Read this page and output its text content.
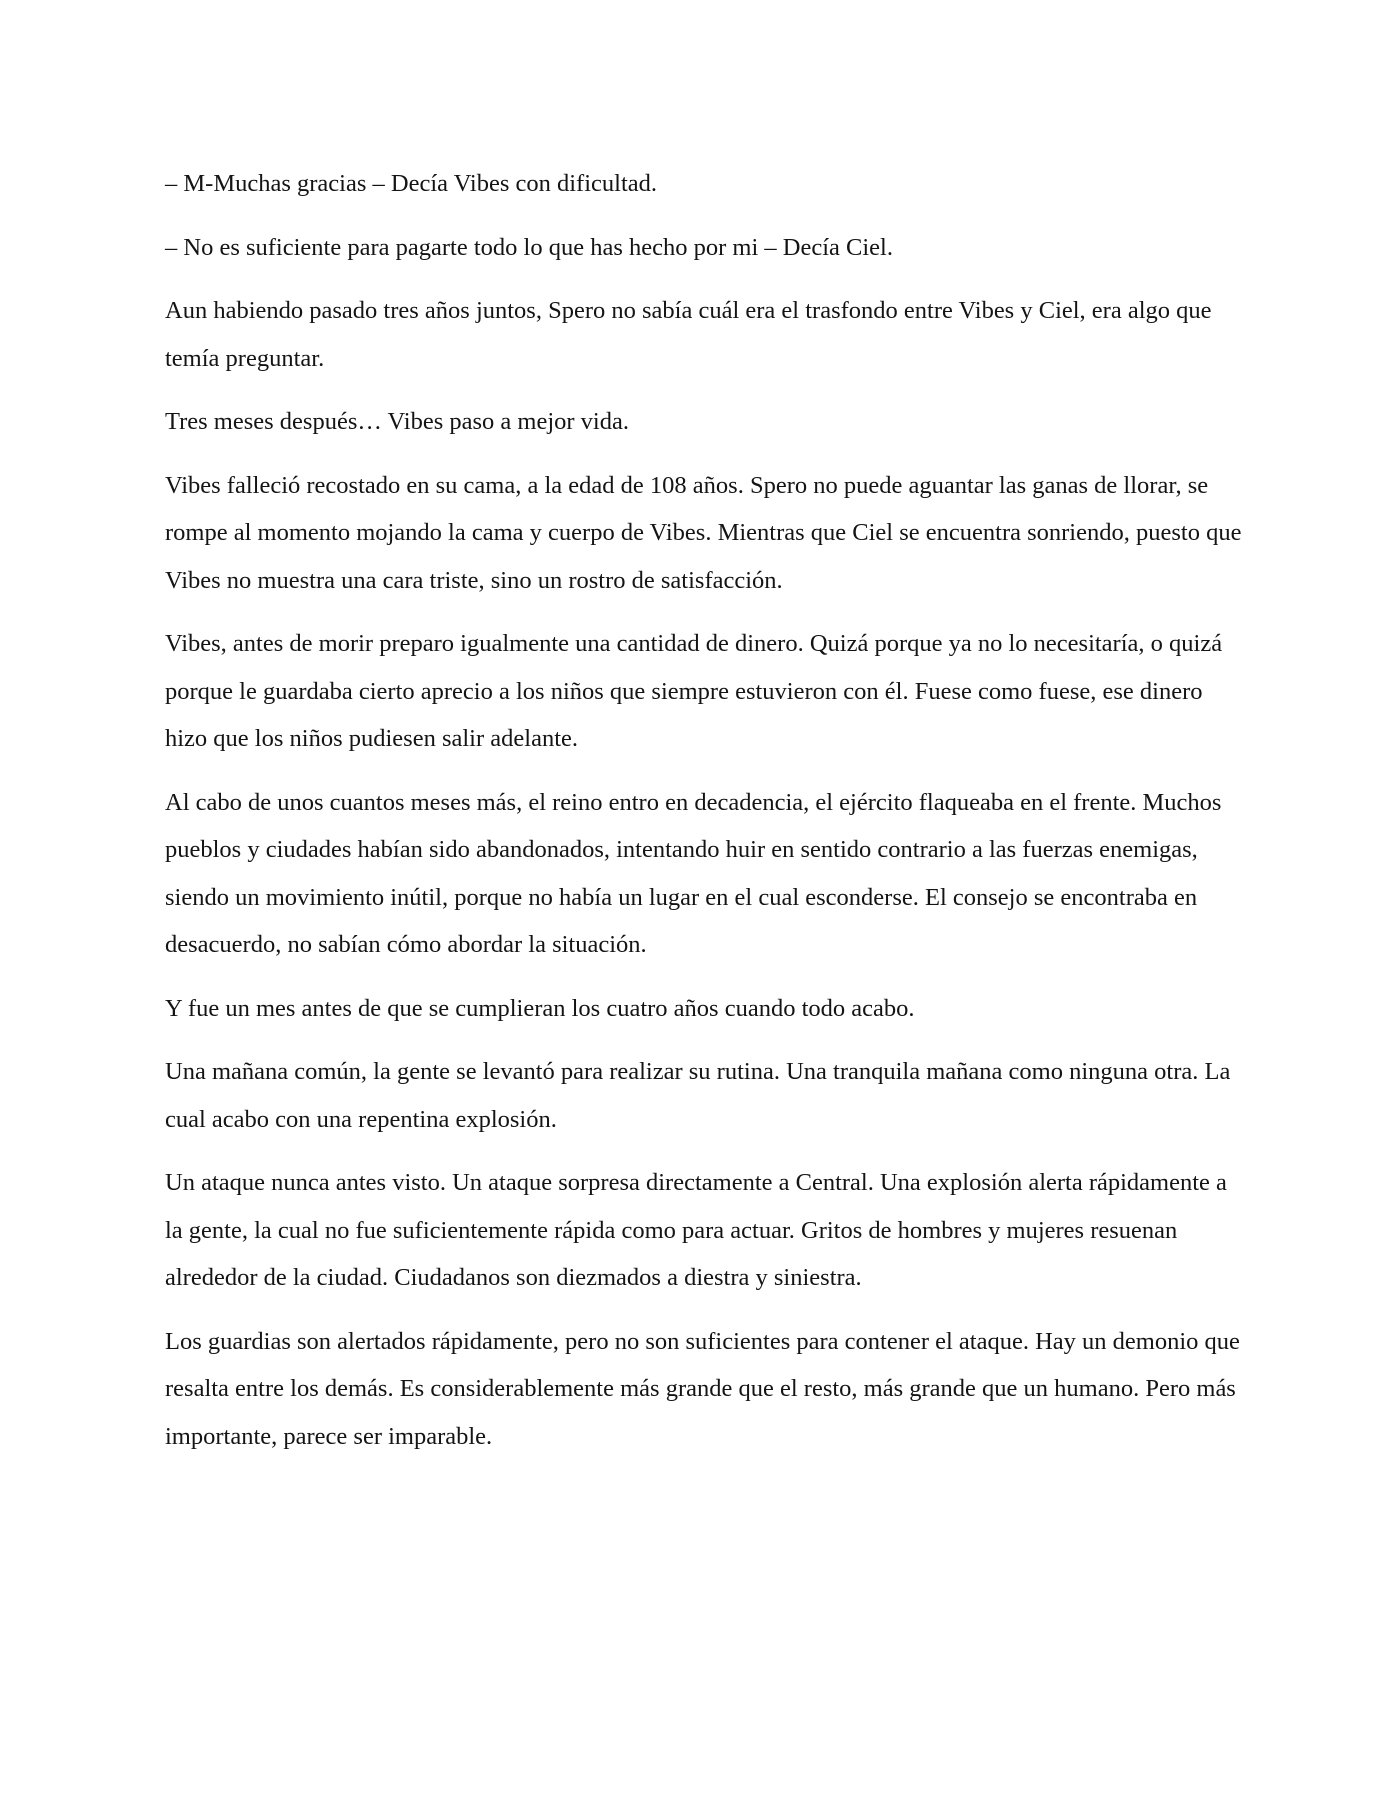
– M-Muchas gracias – Decía Vibes con dificultad.

– No es suficiente para pagarte todo lo que has hecho por mi – Decía Ciel.

Aun habiendo pasado tres años juntos, Spero no sabía cuál era el trasfondo entre Vibes y Ciel, era algo que temía preguntar.

Tres meses después… Vibes paso a mejor vida.

Vibes falleció recostado en su cama, a la edad de 108 años. Spero no puede aguantar las ganas de llorar, se rompe al momento mojando la cama y cuerpo de Vibes. Mientras que Ciel se encuentra sonriendo, puesto que Vibes no muestra una cara triste, sino un rostro de satisfacción.

Vibes, antes de morir preparo igualmente una cantidad de dinero. Quizá porque ya no lo necesitaría, o quizá porque le guardaba cierto aprecio a los niños que siempre estuvieron con él. Fuese como fuese, ese dinero hizo que los niños pudiesen salir adelante.

Al cabo de unos cuantos meses más, el reino entro en decadencia, el ejército flaqueaba en el frente. Muchos pueblos y ciudades habían sido abandonados, intentando huir en sentido contrario a las fuerzas enemigas, siendo un movimiento inútil, porque no había un lugar en el cual esconderse. El consejo se encontraba en desacuerdo, no sabían cómo abordar la situación.

Y fue un mes antes de que se cumplieran los cuatro años cuando todo acabo.

Una mañana común, la gente se levantó para realizar su rutina. Una tranquila mañana como ninguna otra. La cual acabo con una repentina explosión.

Un ataque nunca antes visto. Un ataque sorpresa directamente a Central. Una explosión alerta rápidamente a la gente, la cual no fue suficientemente rápida como para actuar. Gritos de hombres y mujeres resuenan alrededor de la ciudad. Ciudadanos son diezmados a diestra y siniestra.

Los guardias son alertados rápidamente, pero no son suficientes para contener el ataque. Hay un demonio que resalta entre los demás. Es considerablemente más grande que el resto, más grande que un humano. Pero más importante, parece ser imparable.
